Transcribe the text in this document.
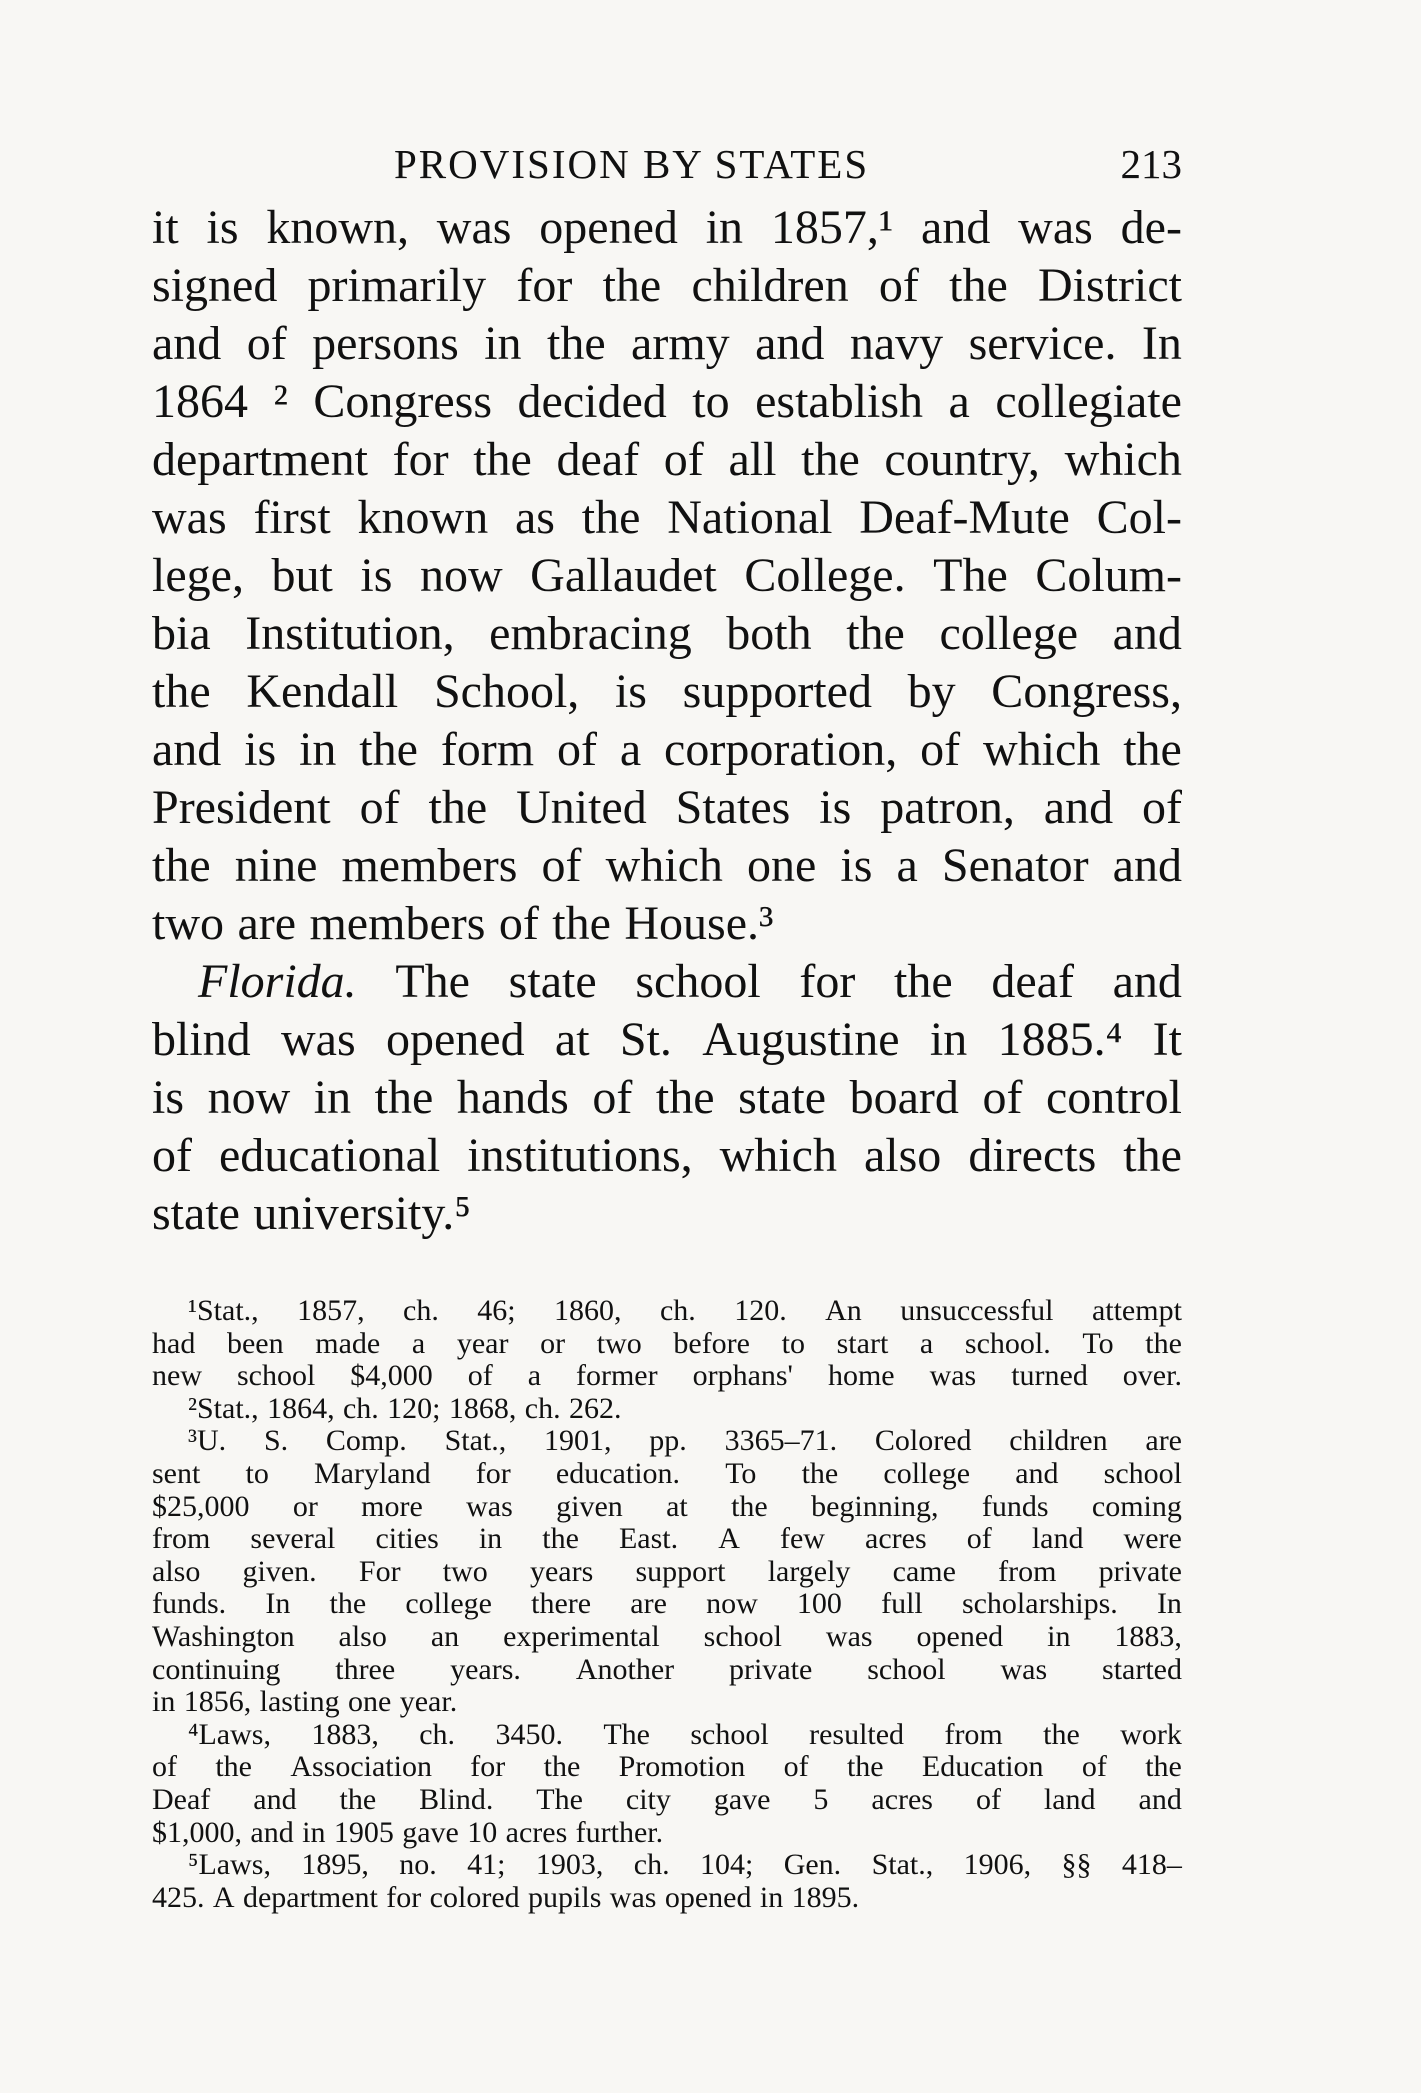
PROVISION BY STATES	213
it is known, was opened in 1857,¹ and was de-
signed primarily for the children of the District
and of persons in the army and navy service. In
1864 ² Congress decided to establish a collegiate
department for the deaf of all the country, which
was first known as the National Deaf-Mute Col-
lege, but is now Gallaudet College. The Colum-
bia Institution, embracing both the college and
the Kendall School, is supported by Congress,
and is in the form of a corporation, of which the
President of the United States is patron, and of
the nine members of which one is a Senator and
two are members of the House.³
Florida. The state school for the deaf and
blind was opened at St. Augustine in 1885.⁴ It
is now in the hands of the state board of control
of educational institutions, which also directs the
state university.⁵
¹Stat., 1857, ch. 46; 1860, ch. 120. An unsuccessful attempt
had been made a year or two before to start a school. To the
new school $4,000 of a former orphans' home was turned over.
²Stat., 1864, ch. 120; 1868, ch. 262.
³U. S. Comp. Stat., 1901, pp. 3365–71. Colored children are
sent to Maryland for education. To the college and school
$25,000 or more was given at the beginning, funds coming
from several cities in the East. A few acres of land were
also given. For two years support largely came from private
funds. In the college there are now 100 full scholarships. In
Washington also an experimental school was opened in 1883,
continuing three years. Another private school was started
in 1856, lasting one year.
⁴Laws, 1883, ch. 3450. The school resulted from the work
of the Association for the Promotion of the Education of the
Deaf and the Blind. The city gave 5 acres of land and
$1,000, and in 1905 gave 10 acres further.
⁵Laws, 1895, no. 41; 1903, ch. 104; Gen. Stat., 1906, §§ 418–
425. A department for colored pupils was opened in 1895.
